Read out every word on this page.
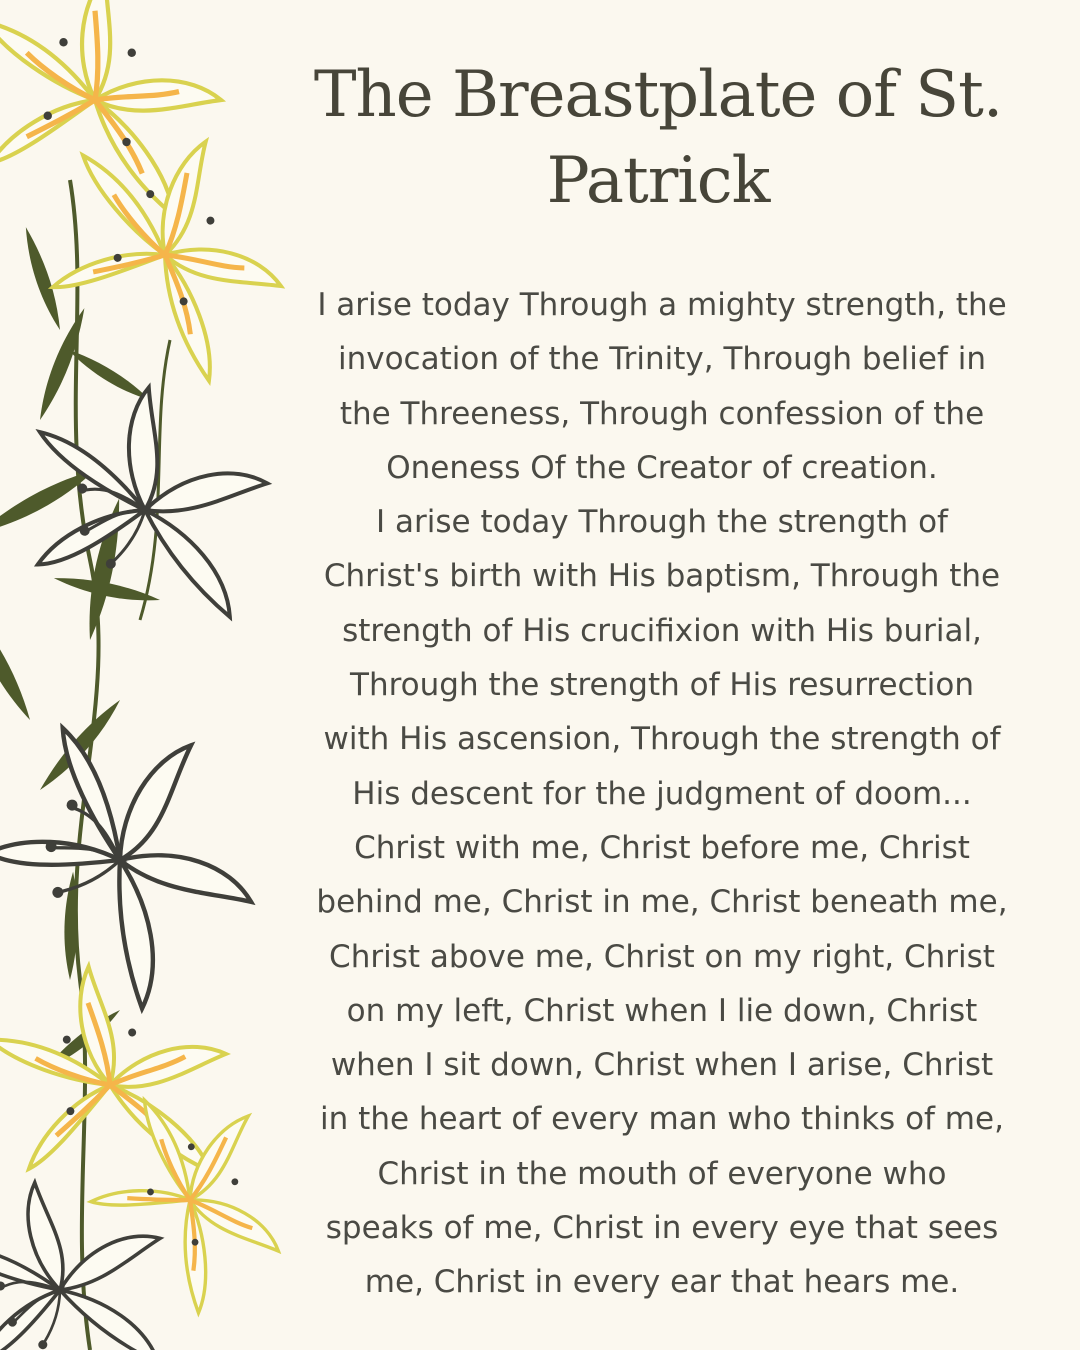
The Breastplate of St. Patrick
I arise today Through a mighty strength, the
invocation of the Trinity, Through belief in
the Threeness, Through confession of the
Oneness Of the Creator of creation.
I arise today Through the strength of
Christ's birth with His baptism, Through the
strength of His crucifixion with His burial,
Through the strength of His resurrection
with His ascension, Through the strength of
His descent for the judgment of doom...
Christ with me, Christ before me, Christ
behind me, Christ in me, Christ beneath me,
Christ above me, Christ on my right, Christ
on my left, Christ when I lie down, Christ
when I sit down, Christ when I arise, Christ
in the heart of every man who thinks of me,
Christ in the mouth of everyone who
speaks of me, Christ in every eye that sees
me, Christ in every ear that hears me.
